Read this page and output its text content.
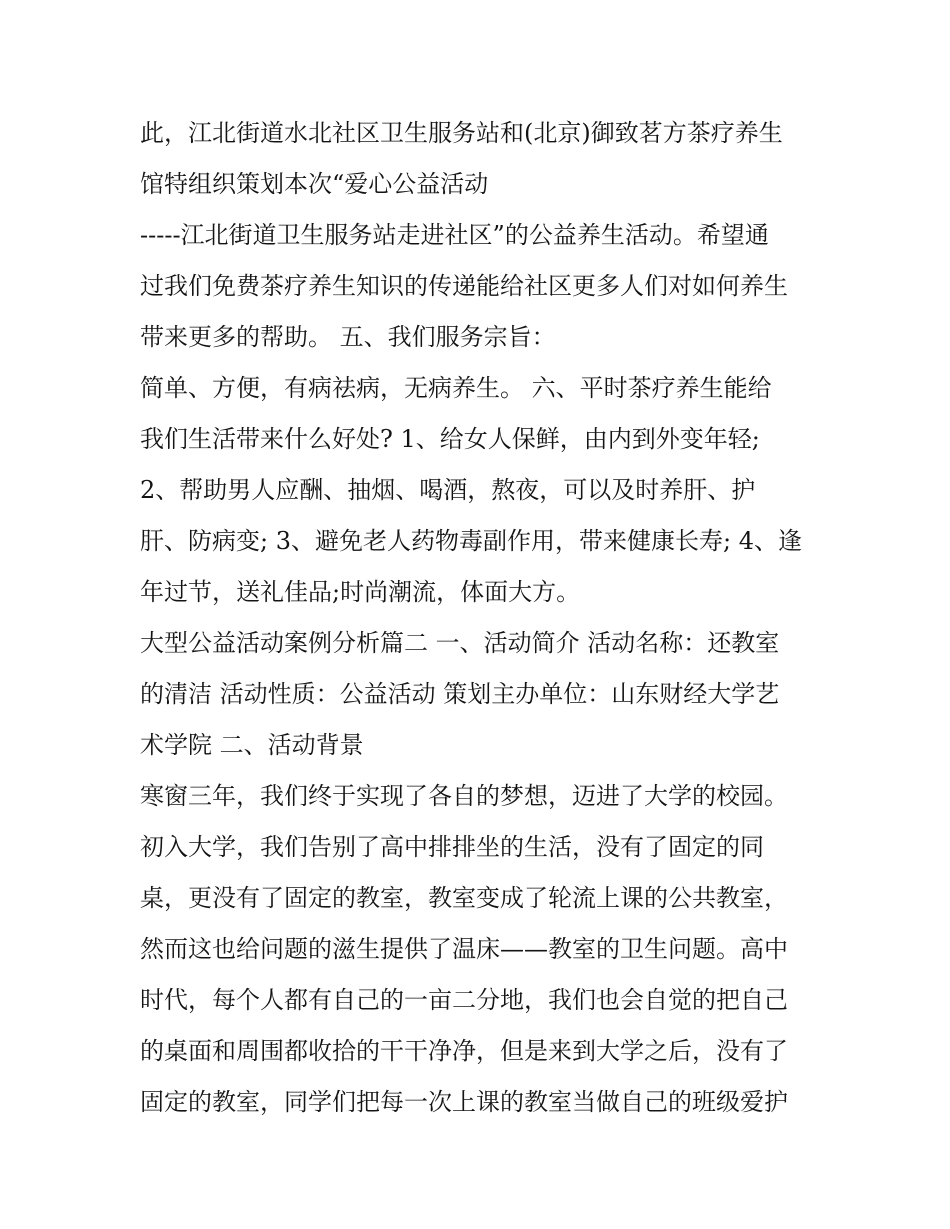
此，江北街道水北社区卫生服务站和(北京)御致茗方茶疗养生
馆特组织策划本次“爱心公益活动
-----江北街道卫生服务站走进社区”的公益养生活动。希望通
过我们免费茶疗养生知识的传递能给社区更多人们对如何养生
带来更多的帮助。 五、我们服务宗旨：
简单、方便，有病祛病，无病养生。 六、平时茶疗养生能给
我们生活带来什么好处? 1、给女人保鲜，由内到外变年轻;
2、帮助男人应酬、抽烟、喝酒，熬夜，可以及时养肝、护
肝、防病变; 3、避免老人药物毒副作用，带来健康长寿; 4、逢
年过节，送礼佳品;时尚潮流，体面大方。
大型公益活动案例分析篇二 一、活动简介 活动名称：还教室
的清洁 活动性质：公益活动 策划主办单位：山东财经大学艺
术学院 二、活动背景
寒窗三年，我们终于实现了各自的梦想，迈进了大学的校园。
初入大学，我们告别了高中排排坐的生活，没有了固定的同
桌，更没有了固定的教室，教室变成了轮流上课的公共教室，
然而这也给问题的滋生提供了温床——教室的卫生问题。高中
时代，每个人都有自己的一亩二分地，我们也会自觉的把自己
的桌面和周围都收拾的干干净净，但是来到大学之后，没有了
固定的教室，同学们把每一次上课的教室当做自己的班级爱护
